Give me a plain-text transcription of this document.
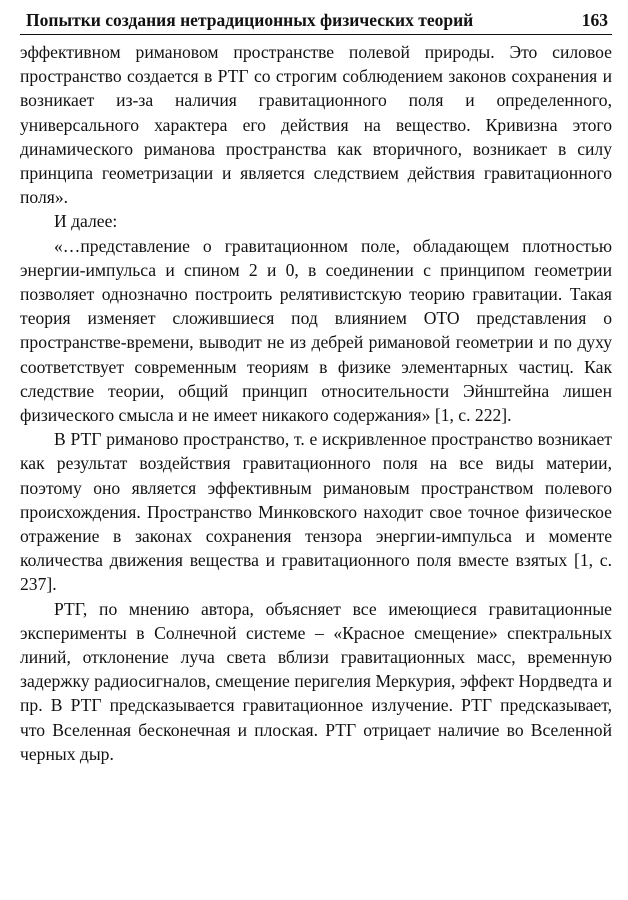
Попытки создания нетрадиционных физических теорий	163

эффективном римановом пространстве полевой природы. Это силовое пространство создается в РТГ со строгим соблюдением законов сохранения и возникает из-за наличия гравитационного поля и определенного, универсального характера его действия на вещество. Кривизна этого динамического риманова пространства как вторичного, возникает в силу принципа геометризации и является следствием действия гравитационного поля».

И далее:

«…представление о гравитационном поле, обладающем плотностью энергии-импульса и спином 2 и 0, в соединении с принципом геометрии позволяет однозначно построить релятивистскую теорию гравитации. Такая теория изменяет сложившиеся под влиянием ОТО представления о пространстве-времени, выводит не из дебрей римановой геометрии и по духу соответствует современным теориям в физике элементарных частиц. Как следствие теории, общий принцип относительности Эйнштейна лишен физического смысла и не имеет никакого содержания» [1, с. 222].

В РТГ риманово пространство, т. е искривленное пространство возникает как результат воздействия гравитационного поля на все виды материи, поэтому оно является эффективным римановым пространством полевого происхождения. Пространство Минковского находит свое точное физическое отражение в законах сохранения тензора энергии-импульса и моменте количества движения вещества и гравитационного поля вместе взятых [1, с. 237].

РТГ, по мнению автора, объясняет все имеющиеся гравитационные эксперименты в Солнечной системе – «Красное смещение» спектральных линий, отклонение луча света вблизи гравитационных масс, временную задержку радиосигналов, смещение перигелия Меркурия, эффект Нордведта и пр. В РТГ предсказывается гравитационное излучение. РТГ предсказывает, что Вселенная бесконечная и плоская. РТГ отрицает наличие во Вселенной черных дыр.
